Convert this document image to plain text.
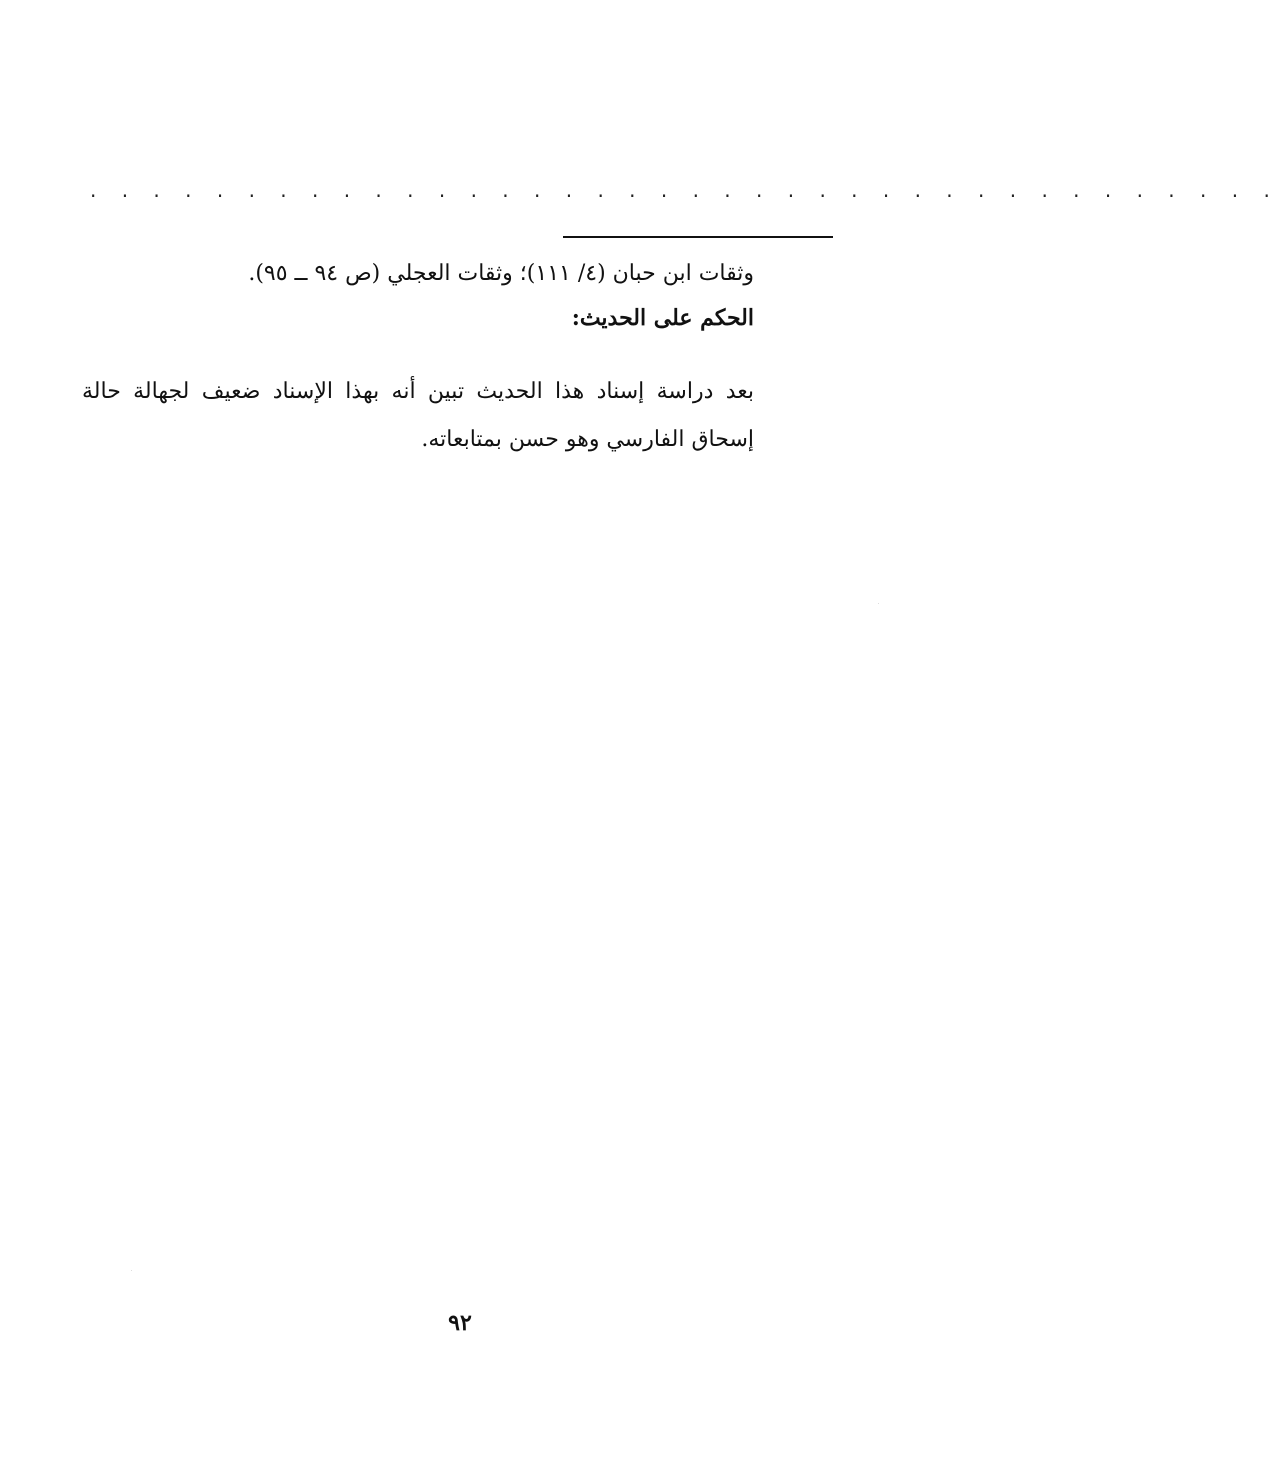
. . . . . . . . . . . . . . . . . . . . . . . . . . . . . . . . . . . . . .

وثقات ابن حبان (٤/ ١١١)؛ وثقات العجلي (ص ٩٤ ــ ٩٥).

الحكم على الحديث:

بعد دراسة إسناد هذا الحديث تبين أنه بهذا الإسناد ضعيف لجهالة حالة إسحاق الفارسي وهو حسن بمتابعاته.

٩٢
